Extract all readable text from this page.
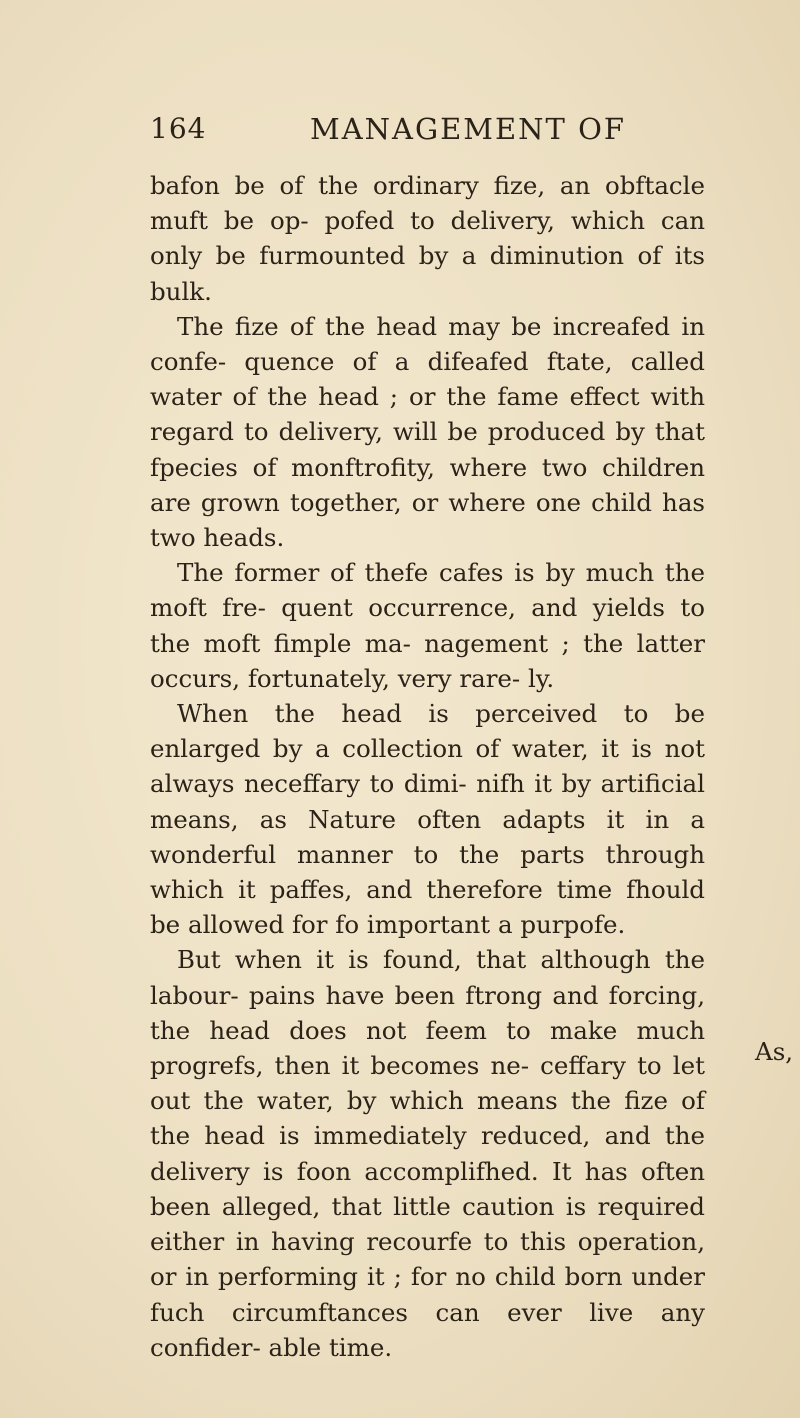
164	MANAGEMENT OF

bafon be of the ordinary fize, an obftacle muft be op- pofed to delivery, which can only be furmounted by a diminution of its bulk.

The fize of the head may be increafed in confe- quence of a difeafed ftate, called water of the head ; or the fame effect with regard to delivery, will be produced by that fpecies of monftrofity, where two children are grown together, or where one child has two heads.

The former of thefe cafes is by much the moft fre- quent occurrence, and yields to the moft fimple ma- nagement ; the latter occurs, fortunately, very rare- ly.

When the head is perceived to be enlarged by a collection of water, it is not always neceffary to dimi- nifh it by artificial means, as Nature often adapts it in a wonderful manner to the parts through which it paffes, and therefore time fhould be allowed for fo important a purpofe.

But when it is found, that although the labour- pains have been ftrong and forcing, the head does not feem to make much progrefs, then it becomes ne- ceffary to let out the water, by which means the fize of the head is immediately reduced, and the delivery is foon accomplifhed. It has often been alleged, that little caution is required either in having recourfe to this operation, or in performing it ; for no child born under fuch circumftances can ever live any confider- able time.

As,
